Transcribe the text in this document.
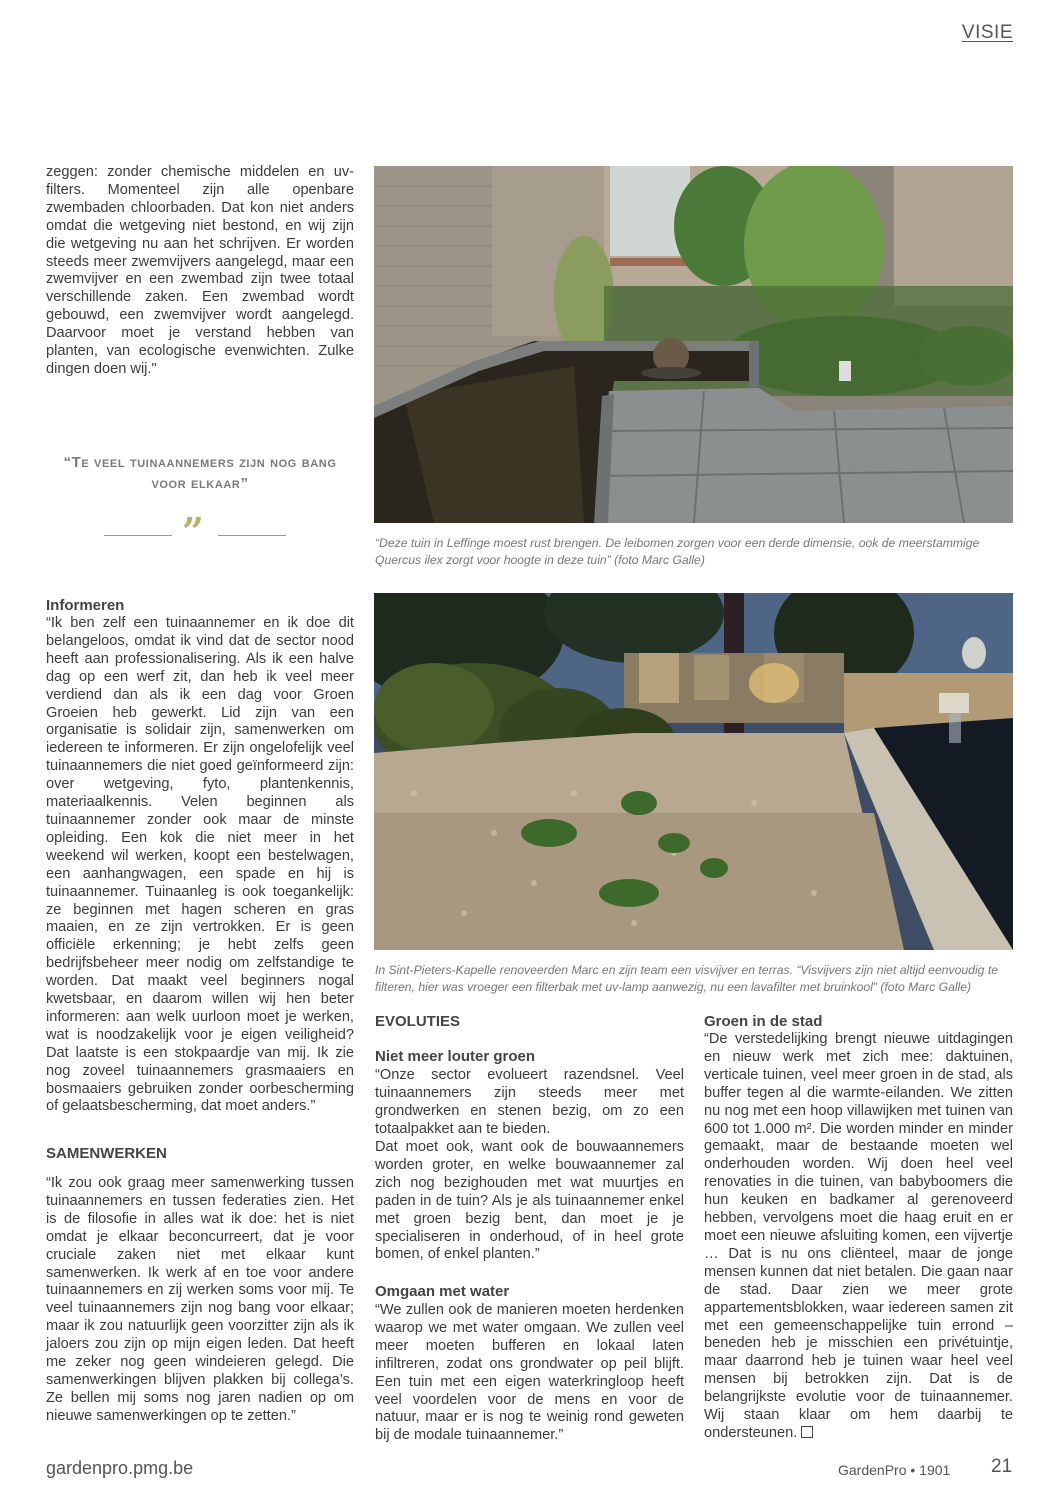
VISIE

zeggen: zonder chemische middelen en uv-filters. Momenteel zijn alle openbare zwembaden chloorbaden. Dat kon niet anders omdat die wetgeving niet bestond, en wij zijn die wetgeving nu aan het schrijven. Er worden steeds meer zwemvijvers aangelegd, maar een zwemvijver en een zwembad zijn twee totaal verschillende zaken. Een zwembad wordt gebouwd, een zwemvijver wordt aangelegd. Daarvoor moet je verstand hebben van planten, van ecologische evenwichten. Zulke dingen doen wij."

“Te veel tuinaannemers zijn nog bang voor elkaar”
”
Informeren

“Ik ben zelf een tuinaannemer en ik doe dit belangeloos, omdat ik vind dat de sector nood heeft aan professionalisering. Als ik een halve dag op een werf zit, dan heb ik veel meer verdiend dan als ik een dag voor Groen Groeien heb gewerkt. Lid zijn van een organisatie is solidair zijn, samenwerken om iedereen te informeren. Er zijn ongelofelijk veel tuinaannemers die niet goed geïnformeerd zijn: over wetgeving, fyto, plantenkennis, materiaalkennis. Velen beginnen als tuinaannemer zonder ook maar de minste opleiding. Een kok die niet meer in het weekend wil werken, koopt een bestelwagen, een aanhangwagen, een spade en hij is tuinaannemer. Tuinaanleg is ook toegankelijk: ze beginnen met hagen scheren en gras maaien, en ze zijn vertrokken. Er is geen officiële erkenning; je hebt zelfs geen bedrijfsbeheer meer nodig om zelfstandige te worden. Dat maakt veel beginners nogal kwetsbaar, en daarom willen wij hen beter informeren: aan welk uurloon moet je werken, wat is noodzakelijk voor je eigen veiligheid? Dat laatste is een stokpaardje van mij. Ik zie nog zoveel tuinaannemers grasmaaiers en bosmaaiers gebruiken zonder oorbescherming of gelaatsbescherming, dat moet anders.”

SAMENWERKEN

“Ik zou ook graag meer samenwerking tussen tuinaannemers en tussen federaties zien. Het is de filosofie in alles wat ik doe: het is niet omdat je elkaar beconcurreert, dat je voor cruciale zaken niet met elkaar kunt samenwerken. Ik werk af en toe voor andere tuinaannemers en zij werken soms voor mij. Te veel tuinaannemers zijn nog bang voor elkaar; maar ik zou natuurlijk geen voorzitter zijn als ik jaloers zou zijn op mijn eigen leden. Dat heeft me zeker nog geen windeieren gelegd. Die samenwerkingen blijven plakken bij collega’s. Ze bellen mij soms nog jaren nadien op om nieuwe samenwerkingen op te zetten.”

“Deze tuin in Leffinge moest rust brengen. De leibomen zorgen voor een derde dimensie, ook de meerstammige Quercus ilex zorgt voor hoogte in deze tuin” (foto Marc Galle)

In Sint-Pieters-Kapelle renoveerden Marc en zijn team een visvijver en terras. “Visvijvers zijn niet altijd eenvoudig te filteren, hier was vroeger een filterbak met uv-lamp aanwezig, nu een lavafilter met bruinkool” (foto Marc Galle)

EVOLUTIES
Niet meer louter groen

“Onze sector evolueert razendsnel. Veel tuinaannemers zijn steeds meer met grondwerken en stenen bezig, om zo een totaalpakket aan te bieden.

Dat moet ook, want ook de bouwaannemers worden groter, en welke bouwaannemer zal zich nog bezighouden met wat muurtjes en paden in de tuin? Als je als tuinaannemer enkel met groen bezig bent, dan moet je je specialiseren in onderhoud, of in heel grote bomen, of enkel planten.”

Omgaan met water

“We zullen ook de manieren moeten herdenken waarop we met water omgaan. We zullen veel meer moeten bufferen en lokaal laten infiltreren, zodat ons grondwater op peil blijft. Een tuin met een eigen waterkringloop heeft veel voordelen voor de mens en voor de natuur, maar er is nog te weinig rond geweten bij de modale tuinaannemer.”

Groen in de stad

“De verstedelijking brengt nieuwe uitdagingen en nieuw werk met zich mee: daktuinen, verticale tuinen, veel meer groen in de stad, als buffer tegen al die warmte-eilanden. We zitten nu nog met een hoop villawijken met tuinen van 600 tot 1.000 m². Die worden minder en minder gemaakt, maar de bestaande moeten wel onderhouden worden. Wij doen heel veel renovaties in die tuinen, van babyboomers die hun keuken en badkamer al gerenoveerd hebben, vervolgens moet die haag eruit en er moet een nieuwe afsluiting komen, een vijvertje … Dat is nu ons cliënteel, maar de jonge mensen kunnen dat niet betalen. Die gaan naar de stad. Daar zien we meer grote appartementsblokken, waar iedereen samen zit met een gemeenschappelijke tuin errond – beneden heb je misschien een privétuintje, maar daarrond heb je tuinen waar heel veel mensen bij betrokken zijn. Dat is de belangrijkste evolutie voor de tuinaannemer. Wij staan klaar om hem daarbij te ondersteunen.

gardenpro.pmg.be	GardenPro • 1901 21
